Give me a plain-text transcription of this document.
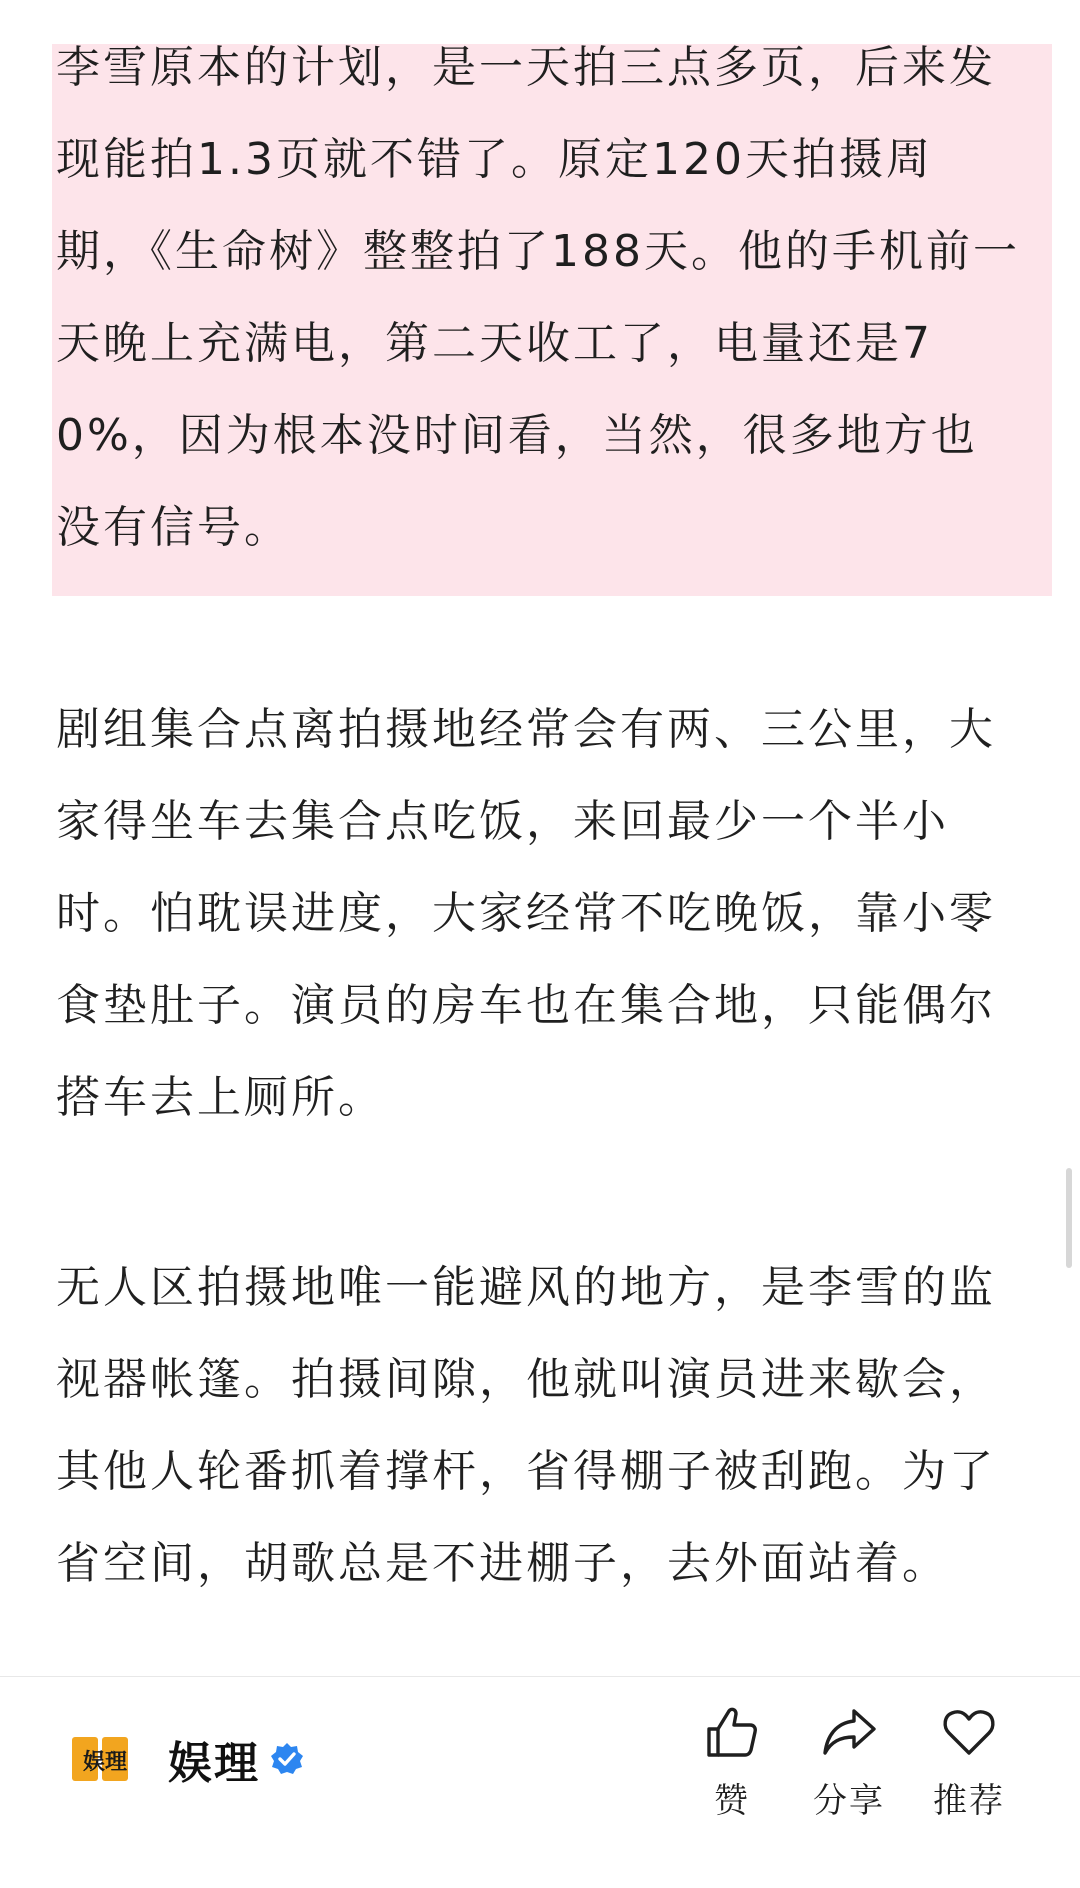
李雪原本的计划，是一天拍三点多页，后来发现能拍1.3页就不错了。原定120天拍摄周期，《生命树》整整拍了188天。他的手机前一天晚上充满电，第二天收工了，电量还是70%，因为根本没时间看，当然，很多地方也没有信号。
剧组集合点离拍摄地经常会有两、三公里，大家得坐车去集合点吃饭，来回最少一个半小时。怕耽误进度，大家经常不吃晚饭，靠小零食垫肚子。演员的房车也在集合地，只能偶尔搭车去上厕所。
无人区拍摄地唯一能避风的地方，是李雪的监视器帐篷。拍摄间隙，他就叫演员进来歇会，其他人轮番抓着撑杆，省得棚子被刮跑。为了省空间，胡歌总是不进棚子，去外面站着。
娱 理 娱理
赞	分享	推荐
